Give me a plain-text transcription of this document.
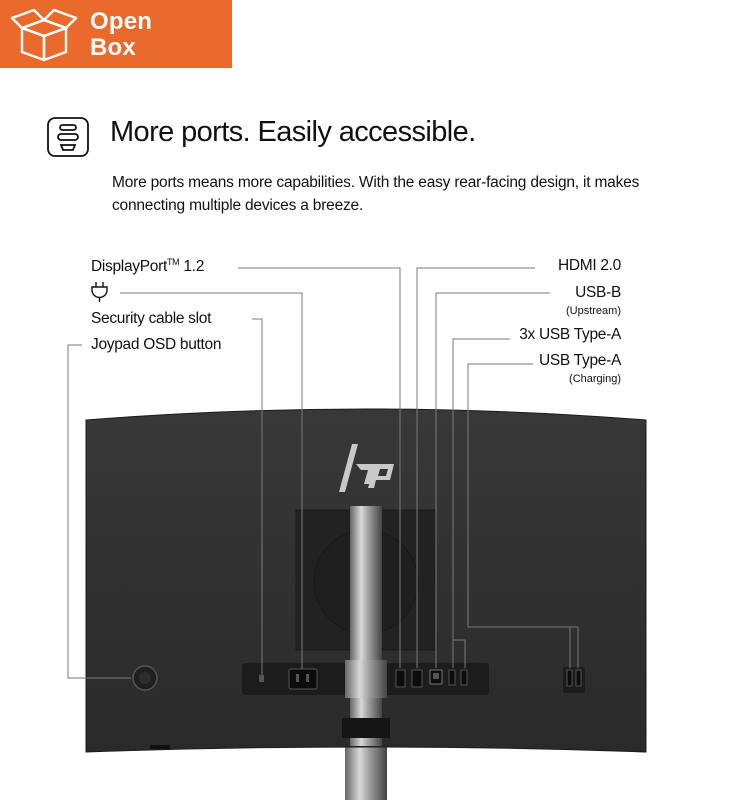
Open
Box
More ports. Easily accessible.
More ports means more capabilities. With the easy rear-facing design, it makes connecting multiple devices a breeze.
DisplayPort™ 1.2
Security cable slot
Joypad OSD button
HDMI 2.0
USB-B
(Upstream)
3x USB Type-A
USB Type-A
(Charging)
